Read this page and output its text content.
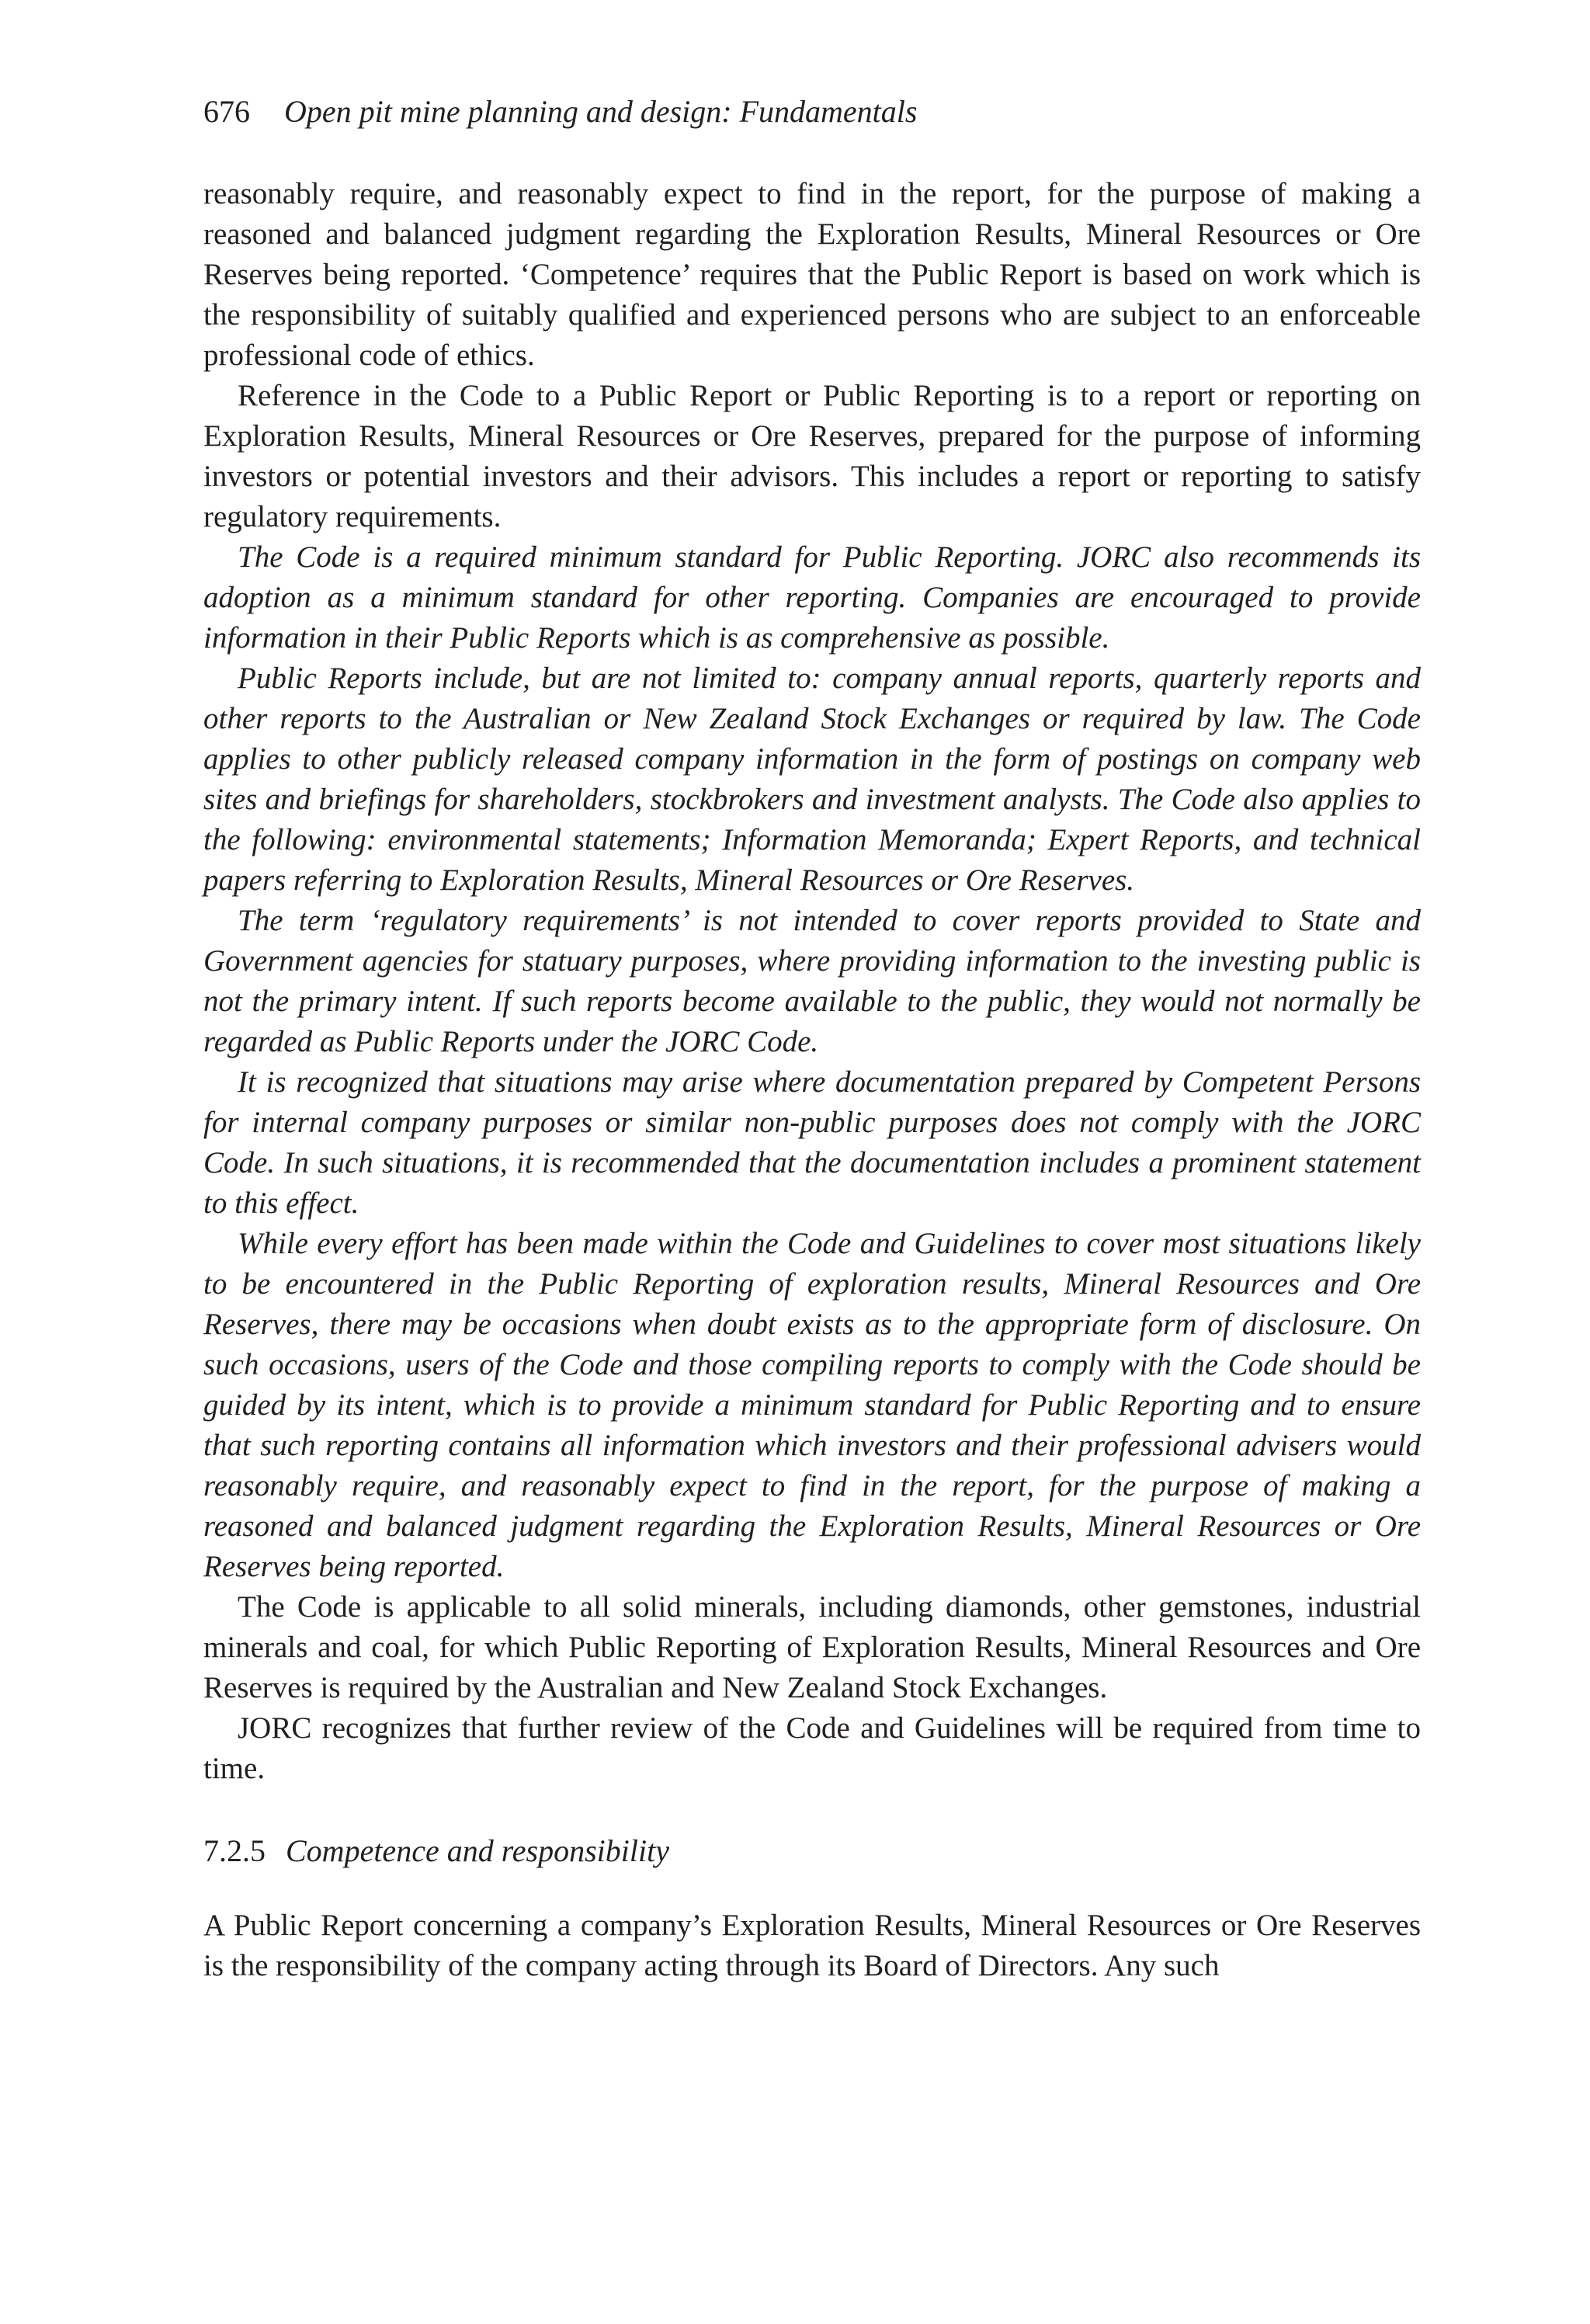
676 Open pit mine planning and design: Fundamentals

reasonably require, and reasonably expect to find in the report, for the purpose of making a reasoned and balanced judgment regarding the Exploration Results, Mineral Resources or Ore Reserves being reported. ‘Competence’ requires that the Public Report is based on work which is the responsibility of suitably qualified and experienced persons who are subject to an enforceable professional code of ethics.

Reference in the Code to a Public Report or Public Reporting is to a report or reporting on Exploration Results, Mineral Resources or Ore Reserves, prepared for the purpose of informing investors or potential investors and their advisors. This includes a report or reporting to satisfy regulatory requirements.

The Code is a required minimum standard for Public Reporting. JORC also recommends its adoption as a minimum standard for other reporting. Companies are encouraged to provide information in their Public Reports which is as comprehensive as possible.

Public Reports include, but are not limited to: company annual reports, quarterly reports and other reports to the Australian or New Zealand Stock Exchanges or required by law. The Code applies to other publicly released company information in the form of postings on company web sites and briefings for shareholders, stockbrokers and investment analysts. The Code also applies to the following: environmental statements; Information Memoranda; Expert Reports, and technical papers referring to Exploration Results, Mineral Resources or Ore Reserves.

The term ‘regulatory requirements’ is not intended to cover reports provided to State and Government agencies for statuary purposes, where providing information to the investing public is not the primary intent. If such reports become available to the public, they would not normally be regarded as Public Reports under the JORC Code.

It is recognized that situations may arise where documentation prepared by Competent Persons for internal company purposes or similar non-public purposes does not comply with the JORC Code. In such situations, it is recommended that the documentation includes a prominent statement to this effect.

While every effort has been made within the Code and Guidelines to cover most situations likely to be encountered in the Public Reporting of exploration results, Mineral Resources and Ore Reserves, there may be occasions when doubt exists as to the appropriate form of disclosure. On such occasions, users of the Code and those compiling reports to comply with the Code should be guided by its intent, which is to provide a minimum standard for Public Reporting and to ensure that such reporting contains all information which investors and their professional advisers would reasonably require, and reasonably expect to find in the report, for the purpose of making a reasoned and balanced judgment regarding the Exploration Results, Mineral Resources or Ore Reserves being reported.

The Code is applicable to all solid minerals, including diamonds, other gemstones, industrial minerals and coal, for which Public Reporting of Exploration Results, Mineral Resources and Ore Reserves is required by the Australian and New Zealand Stock Exchanges.

JORC recognizes that further review of the Code and Guidelines will be required from time to time.

7.2.5 Competence and responsibility

A Public Report concerning a company’s Exploration Results, Mineral Resources or Ore Reserves is the responsibility of the company acting through its Board of Directors. Any such
